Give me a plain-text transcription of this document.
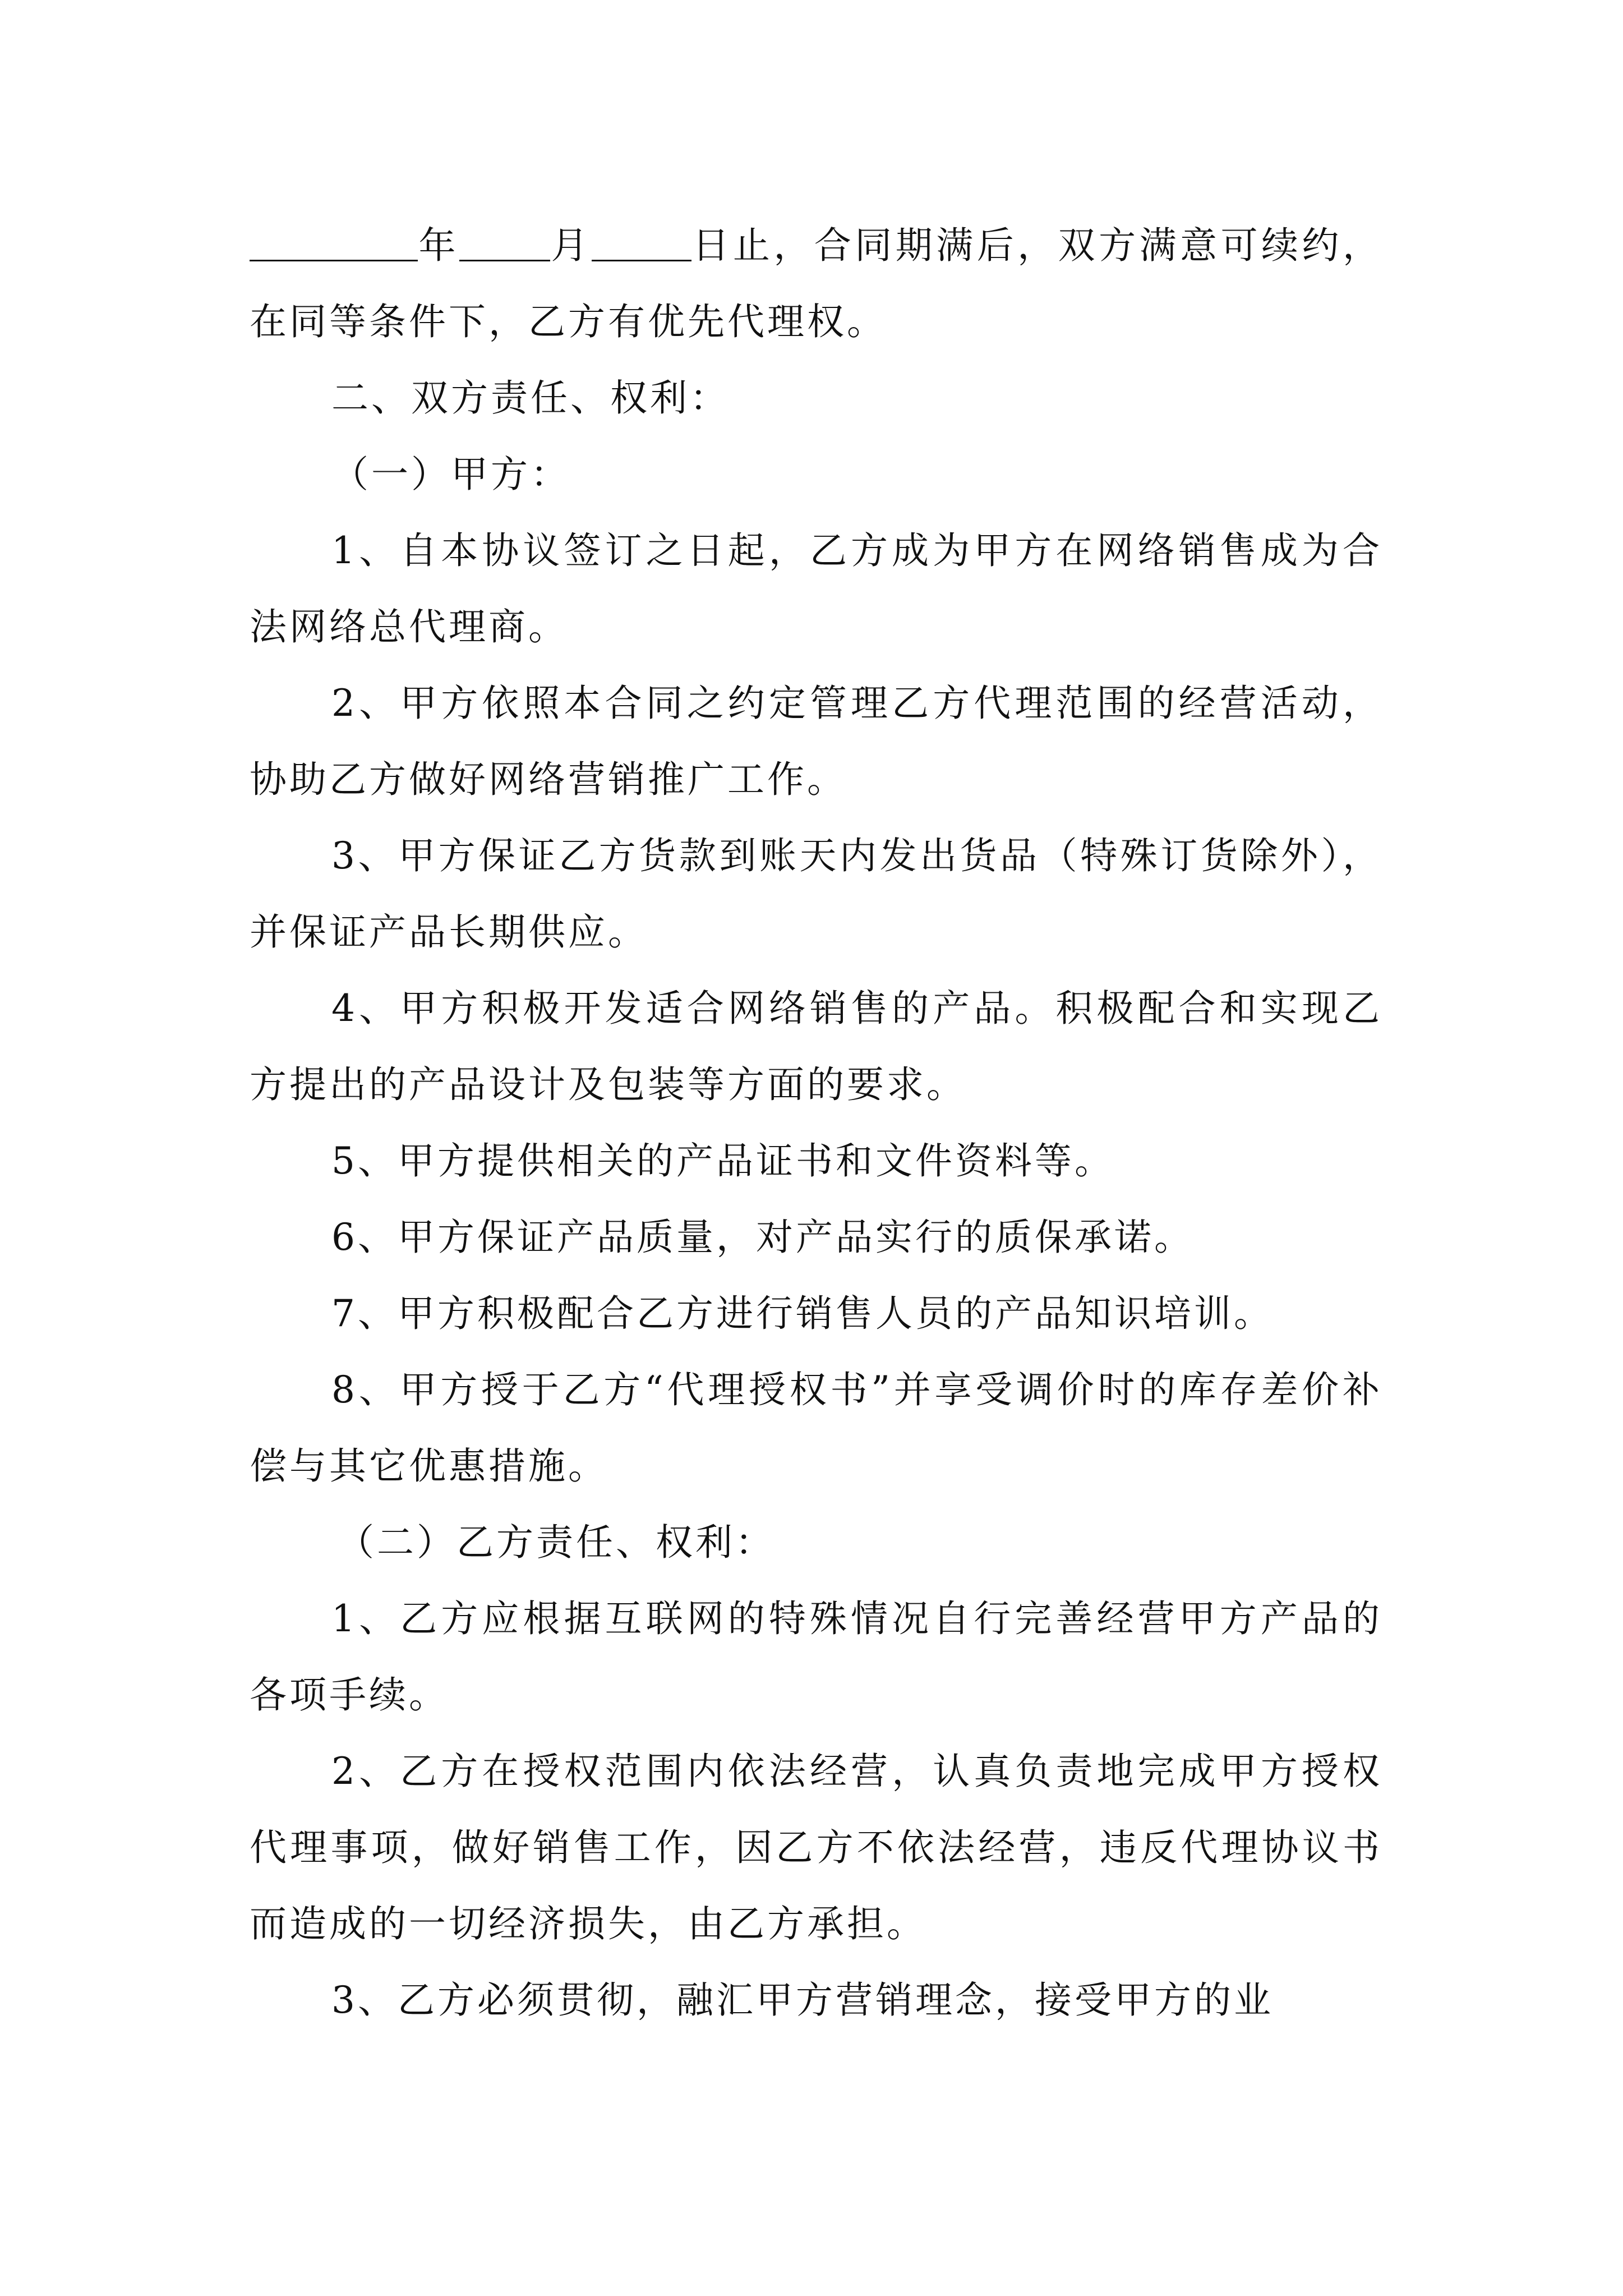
年 月	日止，合同期满后，双方满意可续约，在同等条件下，乙方有优先代理权。

二、双方责任、权利：

（一）甲方：

1、自本协议签订之日起，乙方成为甲方在网络销售成为合法网络总代理商。

2、甲方依照本合同之约定管理乙方代理范围的经营活动，协助乙方做好网络营销推广工作。

3、甲方保证乙方货款到账天内发出货品（特殊订货除外），并保证产品长期供应。

4、甲方积极开发适合网络销售的产品。积极配合和实现乙方提出的产品设计及包装等方面的要求。

5、甲方提供相关的产品证书和文件资料等。

6、甲方保证产品质量，对产品实行的质保承诺。

7、甲方积极配合乙方进行销售人员的产品知识培训。

8、甲方授于乙方“代理授权书”并享受调价时的库存差价补偿与其它优惠措施。

（二）乙方责任、权利：

1、乙方应根据互联网的特殊情况自行完善经营甲方产品的各项手续。

2、乙方在授权范围内依法经营，认真负责地完成甲方授权代理事项，做好销售工作，因乙方不依法经营，违反代理协议书而造成的一切经济损失，由乙方承担。

3、乙方必须贯彻，融汇甲方营销理念，接受甲方的业
